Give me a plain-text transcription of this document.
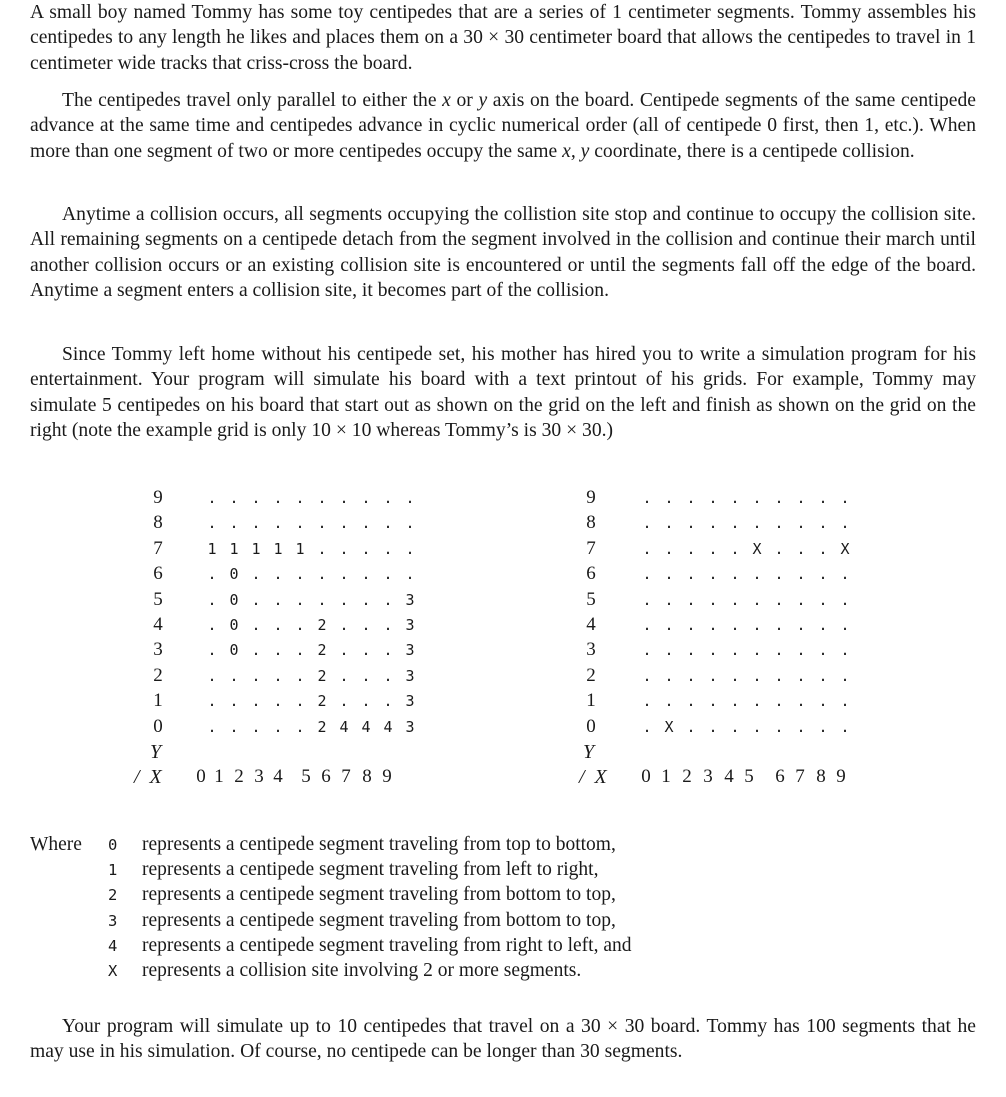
A small boy named Tommy has some toy centipedes that are a series of 1 centimeter segments. Tommy assembles his centipedes to any length he likes and places them on a 30 × 30 centimeter board that allows the centipedes to travel in 1 centimeter wide tracks that criss-cross the board.

The centipedes travel only parallel to either the x or y axis on the board. Centipede segments of the same centipede advance at the same time and centipedes advance in cyclic numerical order (all of centipede 0 first, then 1, etc.). When more than one segment of two or more centipedes occupy the same x, y coordinate, there is a centipede collision.

Anytime a collision occurs, all segments occupying the collistion site stop and continue to occupy the collision site. All remaining segments on a centipede detach from the segment involved in the collision and continue their march until another collision occurs or an existing collision site is encountered or until the segments fall off the edge of the board. Anytime a segment enters a collision site, it becomes part of the collision.

Since Tommy left home without his centipede set, his mother has hired you to write a simulation program for his entertainment. Your program will simulate his board with a text printout of his grids. For example, Tommy may simulate 5 centipedes on his board that start out as shown on the grid on the left and finish as shown on the grid on the right (note the example grid is only 10 × 10 whereas Tommy’s is 30 × 30.)

9	. . . . . . . . . .
8	. . . . . . . . . .
7	1 1 1 1 1 . . . . .
6	. 0 . . . . . . . .
5	. 0 . . . . . . . 3
4	. 0 . . . 2 . . . 3
3	. 0 . . . 2 . . . 3
2	. . . . . 2 . . . 3
1	. . . . . 2 . . . 3
0	. . . . . 2 4 4 4 3
Y
/  X	0 1 2 3 4 5 6 7 8 9
9	. . . . . . . . . .
8	. . . . . . . . . .
7	. . . . . X . . . X
6	. . . . . . . . . .
5	. . . . . . . . . .
4	. . . . . . . . . .
3	. . . . . . . . . .
2	. . . . . . . . . .
1	. . . . . . . . . .
0	. X . . . . . . . .
Y
/  X	0 1 2 3 4 5	6 7 8 9
Where 0 represents a centipede segment traveling from top to bottom,
1 represents a centipede segment traveling from left to right,
2 represents a centipede segment traveling from bottom to top,
3 represents a centipede segment traveling from bottom to top,
4 represents a centipede segment traveling from right to left, and
X represents a collision site involving 2 or more segments.

Your program will simulate up to 10 centipedes that travel on a 30 × 30 board. Tommy has 100 segments that he may use in his simulation. Of course, no centipede can be longer than 30 segments.
